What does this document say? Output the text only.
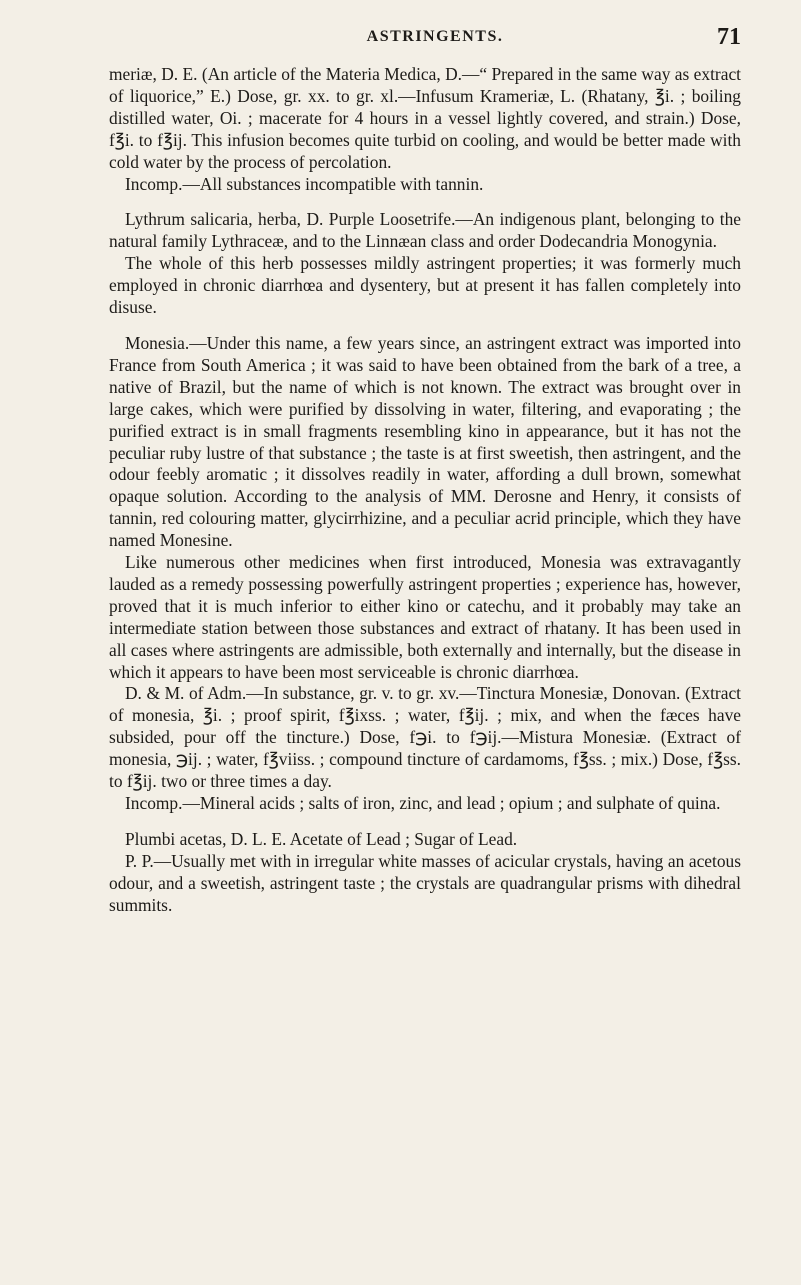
ASTRINGENTS.	71

meriæ, D. E. (An article of the Materia Medica, D.—“ Prepared in the same way as extract of liquorice,” E.) Dose, gr. xx. to gr. xl.—Infusum Krameriæ, L. (Rhatany, ℥i. ; boiling distilled water, Oi. ; macerate for 4 hours in a vessel lightly covered, and strain.) Dose, f℥i. to f℥ij. This infusion becomes quite turbid on cooling, and would be better made with cold water by the process of percolation.

Incomp.—All substances incompatible with tannin.

Lythrum salicaria, herba, D. Purple Loosetrife.—An indigenous plant, belonging to the natural family Lythraceæ, and to the Linnæan class and order Dodecandria Monogynia.

The whole of this herb possesses mildly astringent properties; it was formerly much employed in chronic diarrhœa and dysentery, but at present it has fallen completely into disuse.

Monesia.—Under this name, a few years since, an astringent extract was imported into France from South America ; it was said to have been obtained from the bark of a tree, a native of Brazil, but the name of which is not known. The extract was brought over in large cakes, which were purified by dissolving in water, filtering, and evaporating ; the purified extract is in small fragments resembling kino in appearance, but it has not the peculiar ruby lustre of that substance ; the taste is at first sweetish, then astringent, and the odour feebly aromatic ; it dissolves readily in water, affording a dull brown, somewhat opaque solution. According to the analysis of MM. Derosne and Henry, it consists of tannin, red colouring matter, glycirrhizine, and a peculiar acrid principle, which they have named Monesine.

Like numerous other medicines when first introduced, Monesia was extravagantly lauded as a remedy possessing powerfully astringent properties ; experience has, however, proved that it is much inferior to either kino or catechu, and it probably may take an intermediate station between those substances and extract of rhatany. It has been used in all cases where astringents are admissible, both externally and internally, but the disease in which it appears to have been most serviceable is chronic diarrhœa.

D. & M. of Adm.—In substance, gr. v. to gr. xv.—Tinctura Monesiæ, Donovan. (Extract of monesia, ℥i. ; proof spirit, f℥ixss. ; water, f℥ij. ; mix, and when the fæces have subsided, pour off the tincture.) Dose, f℈i. to f℈ij.—Mistura Monesiæ. (Extract of monesia, ℈ij. ; water, f℥viiss. ; compound tincture of cardamoms, f℥ss. ; mix.) Dose, f℥ss. to f℥ij. two or three times a day.

Incomp.—Mineral acids ; salts of iron, zinc, and lead ; opium ; and sulphate of quina.

Plumbi acetas, D. L. E. Acetate of Lead ; Sugar of Lead.

P. P.—Usually met with in irregular white masses of acicular crystals, having an acetous odour, and a sweetish, astringent taste ; the crystals are quadrangular prisms with dihedral summits.
